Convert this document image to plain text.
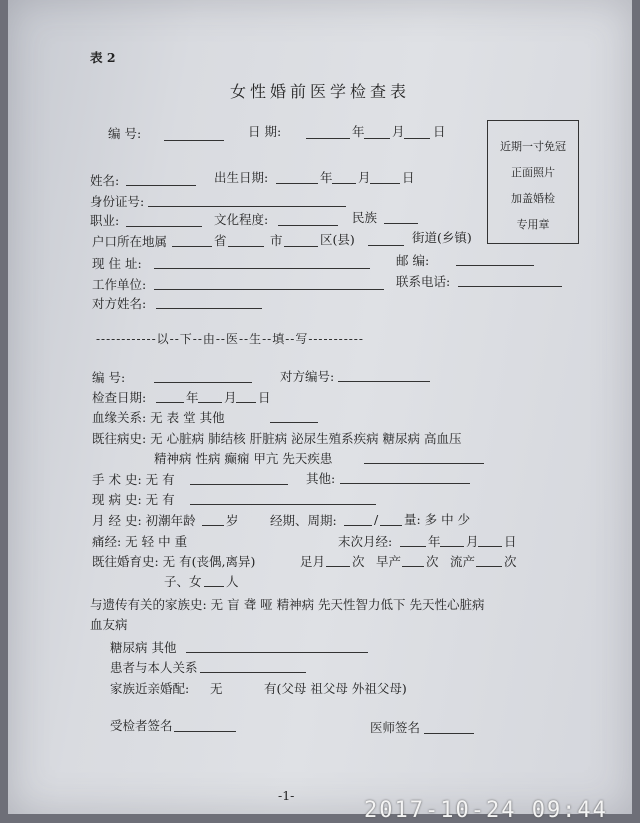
表 2
女性婚前医学检查表
编 号:	日 期:	年 月 日
近期一寸免冠
正面照片
加盖婚检
专用章
姓名:	出生日期:	年 月	日
身份证号:
职业:	文化程度:	民族
户口所在地属	省	市	区(县)	街道(乡镇)
现 住 址:	邮 编:
工作单位:	联系电话:
对方姓名:
------------以--下--由--医--生--填--写-----------
编 号:	对方编号:
检查日期:	年 月 日
血缘关系: 无 表 堂 其他
既往病史: 无 心脏病 肺结核 肝脏病 泌尿生殖系疾病 糖尿病 高血压
精神病 性病 癫痫 甲亢 先天疾患
手 术 史: 无 有	其他:
现 病 史: 无 有
月 经 史: 初潮年龄 岁	经期、周期:	/ 量: 多 中 少
痛经: 无 轻 中 重	末次月经:	年 月 日
既往婚育史: 无 有(丧偶,离异)	足月 次 早产 次 流产 次
子、女 人
与遗传有关的家族史: 无 盲 聋 哑 精神病 先天性智力低下 先天性心脏病
血友病
糖尿病 其他
患者与本人关系
家族近亲婚配: 无	有(父母 祖父母 外祖父母)
受检者签名	医师签名
-1-
2017-10-24 09:44
